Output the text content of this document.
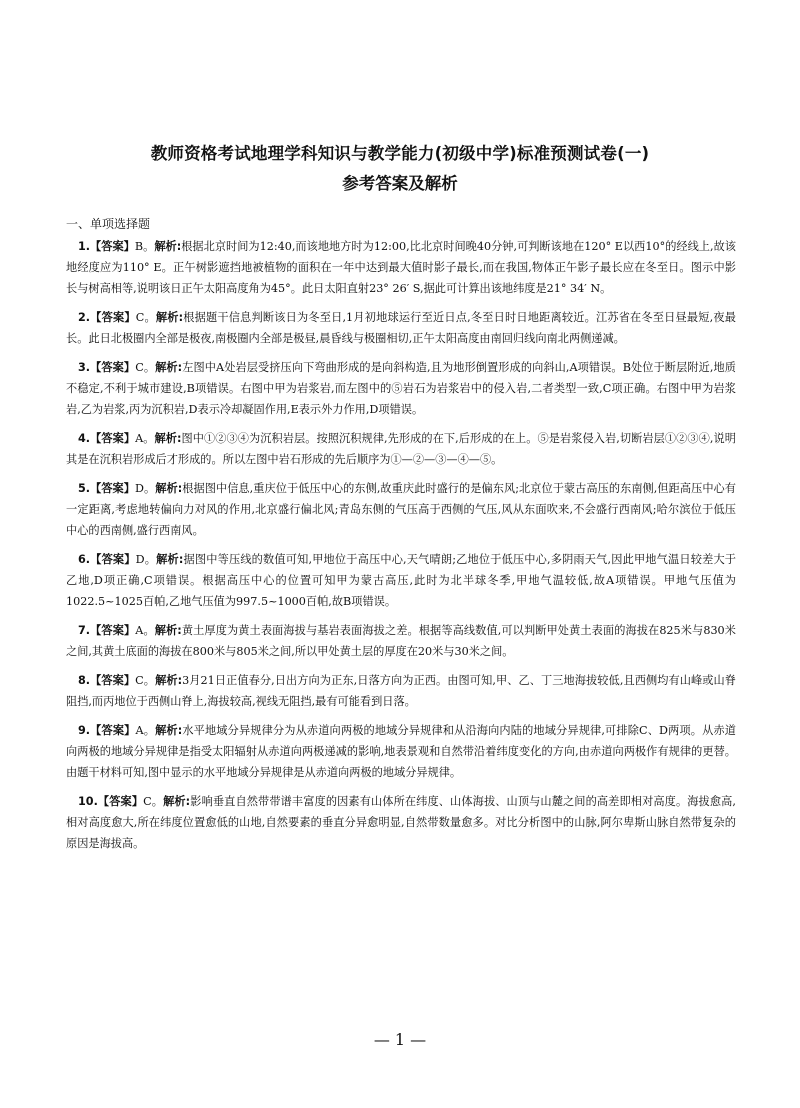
教师资格考试地理学科知识与教学能力(初级中学)标准预测试卷(一)
参考答案及解析
一、单项选择题

1.【答案】B。解析:根据北京时间为12:40,而该地地方时为12:00,比北京时间晚40分钟,可判断该地在120° E以西10°的经线上,故该地经度应为110° E。正午树影遮挡地被植物的面积在一年中达到最大值时影子最长,而在我国,物体正午影子最长应在冬至日。图示中影长与树高相等,说明该日正午太阳高度角为45°。此日太阳直射23° 26′ S,据此可计算出该地纬度是21° 34′ N。

2.【答案】C。解析:根据题干信息判断该日为冬至日,1月初地球运行至近日点,冬至日时日地距离较近。江苏省在冬至日昼最短,夜最长。此日北极圈内全部是极夜,南极圈内全部是极昼,晨昏线与极圈相切,正午太阳高度由南回归线向南北两侧递减。

3.【答案】C。解析:左图中A处岩层受挤压向下弯曲形成的是向斜构造,且为地形倒置形成的向斜山,A项错误。B处位于断层附近,地质不稳定,不利于城市建设,B项错误。右图中甲为岩浆岩,而左图中的⑤岩石为岩浆岩中的侵入岩,二者类型一致,C项正确。右图中甲为岩浆岩,乙为岩浆,丙为沉积岩,D表示冷却凝固作用,E表示外力作用,D项错误。

4.【答案】A。解析:图中①②③④为沉积岩层。按照沉积规律,先形成的在下,后形成的在上。⑤是岩浆侵入岩,切断岩层①②③④,说明其是在沉积岩形成后才形成的。所以左图中岩石形成的先后顺序为①—②—③—④—⑤。

5.【答案】D。解析:根据图中信息,重庆位于低压中心的东侧,故重庆此时盛行的是偏东风;北京位于蒙古高压的东南侧,但距高压中心有一定距离,考虑地转偏向力对风的作用,北京盛行偏北风;青岛东侧的气压高于西侧的气压,风从东面吹来,不会盛行西南风;哈尔滨位于低压中心的西南侧,盛行西南风。

6.【答案】D。解析:据图中等压线的数值可知,甲地位于高压中心,天气晴朗;乙地位于低压中心,多阴雨天气,因此甲地气温日较差大于乙地,D项正确,C项错误。根据高压中心的位置可知甲为蒙古高压,此时为北半球冬季,甲地气温较低,故A项错误。甲地气压值为1022.5~1025百帕,乙地气压值为997.5~1000百帕,故B项错误。

7.【答案】A。解析:黄土厚度为黄土表面海拔与基岩表面海拔之差。根据等高线数值,可以判断甲处黄土表面的海拔在825米与830米之间,其黄土底面的海拔在800米与805米之间,所以甲处黄土层的厚度在20米与30米之间。

8.【答案】C。解析:3月21日正值春分,日出方向为正东,日落方向为正西。由图可知,甲、乙、丁三地海拔较低,且西侧均有山峰或山脊阻挡,而丙地位于西侧山脊上,海拔较高,视线无阻挡,最有可能看到日落。

9.【答案】A。解析:水平地域分异规律分为从赤道向两极的地域分异规律和从沿海向内陆的地域分异规律,可排除C、D两项。从赤道向两极的地域分异规律是指受太阳辐射从赤道向两极递减的影响,地表景观和自然带沿着纬度变化的方向,由赤道向两极作有规律的更替。由题干材料可知,图中显示的水平地域分异规律是从赤道向两极的地域分异规律。

10.【答案】C。解析:影响垂直自然带带谱丰富度的因素有山体所在纬度、山体海拔、山顶与山麓之间的高差即相对高度。海拔愈高,相对高度愈大,所在纬度位置愈低的山地,自然要素的垂直分异愈明显,自然带数量愈多。对比分析图中的山脉,阿尔卑斯山脉自然带复杂的原因是海拔高。

— 1 —
